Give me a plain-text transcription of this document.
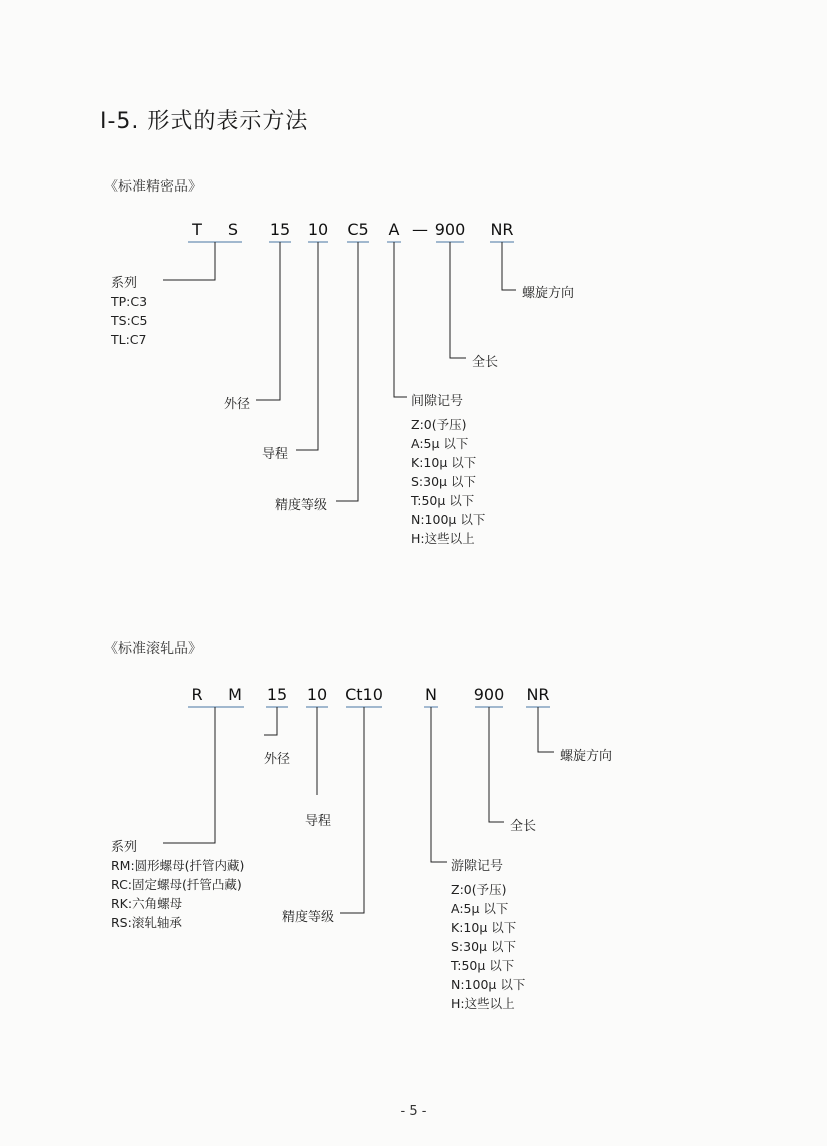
Ⅰ-5. 形式的表示方法
《标准精密品》
T S 15 10 C5 A — 900 NR
系列
TP:C3
TS:C5
TL:C7
外径
导程
精度等级
间隙记号
Z:0(予压)
A:5μ 以下
K:10μ 以下
S:30μ 以下
T:50μ 以下
N:100μ 以下
H:这些以上
全长
螺旋方向
《标准滚轧品》
R M 15 10 Ct10	N 900 NR
外径
导程	全长
螺旋方向
系列
RM:圆形螺母(扦管内藏)
RC:固定螺母(扦管凸藏)
RK:六角螺母
RS:滚轧轴承	精度等级
游隙记号
Z:0(予压)
A:5μ 以下
K:10μ 以下
S:30μ 以下
T:50μ 以下
N:100μ 以下
H:这些以上
- 5 -
